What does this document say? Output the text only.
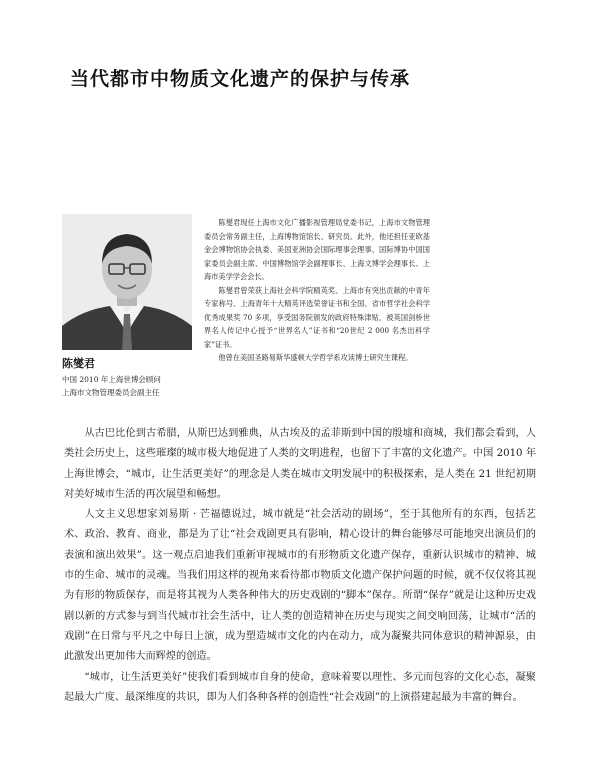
当代都市中物质文化遗产的保护与传承
陈燮君
中国 2010 年上海世博会顾问
上海市文物管理委员会副主任

陈燮君现任上海市文化广播影视管理局党委书记，上海市文物管理委员会常务副主任，上海博物馆馆长、研究员。此外，他还担任亚欧基金会博物馆协会执委、美国亚洲协会国际理事会理事、国际博协中国国家委员会副主席、中国博物馆学会副理事长、上海文博学会理事长、上海市美学学会会长。

陈燮君曾荣获上海社会科学院精英奖、上海市有突出贡献的中青年专家称号、上海青年十大精英评选荣誉证书和全国、省市哲学社会科学优秀成果奖 70 多项，享受国务院颁发的政府特殊津贴，被英国剑桥世界名人传记中心授予“世界名人”证书和“20世纪 2 000 名杰出科学家”证书。

他曾在美国圣路易斯华盛顿大学哲学系攻读博士研究生课程。

从古巴比伦到古希腊，从斯巴达到雅典，从古埃及的孟菲斯到中国的殷墟和商城，我们都会看到，人类社会历史上，这些璀璨的城市极大地促进了人类的文明进程，也留下了丰富的文化遗产。中国 2010 年上海世博会，“城市，让生活更美好”的理念是人类在城市文明发展中的积极探索，是人类在 21 世纪初期对美好城市生活的再次展望和畅想。

人文主义思想家刘易斯 · 芒福德说过，城市就是“社会活动的剧场”，至于其他所有的东西，包括艺术、政治、教育、商业，都是为了让“社会戏剧更具有影响，精心设计的舞台能够尽可能地突出演员们的表演和演出效果”。这一观点启迪我们重新审视城市的有形物质文化遗产保存，重新认识城市的精神、城市的生命、城市的灵魂。当我们用这样的视角来看待都市物质文化遗产保护问题的时候，就不仅仅将其视为有形的物质保存，而是将其视为人类各种伟大的历史戏剧的“脚本”保存。所谓“保存”就是让这种历史戏剧以新的方式参与到当代城市社会生活中，让人类的创造精神在历史与现实之间交响回荡，让城市“活的戏剧”在日常与平凡之中每日上演，成为塑造城市文化的内在动力，成为凝聚共同体意识的精神源泉，由此激发出更加伟大而辉煌的创造。

“城市，让生活更美好”使我们看到城市自身的使命，意味着要以理性、多元而包容的文化心态，凝聚起最大广度、最深维度的共识，即为人们各种各样的创造性“社会戏剧”的上演搭建起最为丰富的舞台。
